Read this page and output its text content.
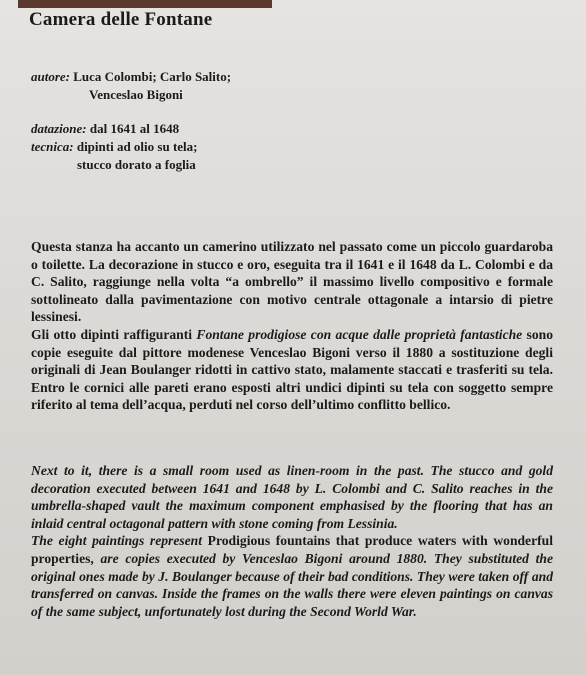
Camera delle Fontane
autore: Luca Colombi; Carlo Salito;
Venceslao Bigoni
datazione: dal 1641 al 1648
tecnica: dipinti ad olio su tela;
stucco dorato a foglia

Questa stanza ha accanto un camerino utilizzato nel passato come un piccolo guardaroba o toilette. La decorazione in stucco e oro, eseguita tra il 1641 e il 1648 da L. Colombi e da C. Salito, raggiunge nella volta “a ombrello” il massimo livello compositivo e formale sottolineato dalla pavimentazione con motivo centrale ottagonale a intarsio di pietre lessinesi.

Gli otto dipinti raffiguranti Fontane prodigiose con acque dalle proprietà fantastiche sono copie eseguite dal pittore modenese Venceslao Bigoni verso il 1880 a sostituzione degli originali di Jean Boulanger ridotti in cattivo stato, malamente staccati e trasferiti su tela. Entro le cornici alle pareti erano esposti altri undici dipinti su tela con soggetto sempre riferito al tema dell’acqua, perduti nel corso dell’ultimo conflitto bellico.

Next to it, there is a small room used as linen-room in the past. The stucco and gold decoration executed between 1641 and 1648 by L. Colombi and C. Salito reaches in the umbrella-shaped vault the maximum component emphasised by the flooring that has an inlaid central octagonal pattern with stone coming from Lessinia.

The eight paintings represent Prodigious fountains that produce waters with wonderful properties, are copies executed by Venceslao Bigoni around 1880. They substituted the original ones made by J. Boulanger because of their bad conditions. They were taken off and transferred on canvas. Inside the frames on the walls there were eleven paintings on canvas of the same subject, unfortunately lost during the Second World War.
